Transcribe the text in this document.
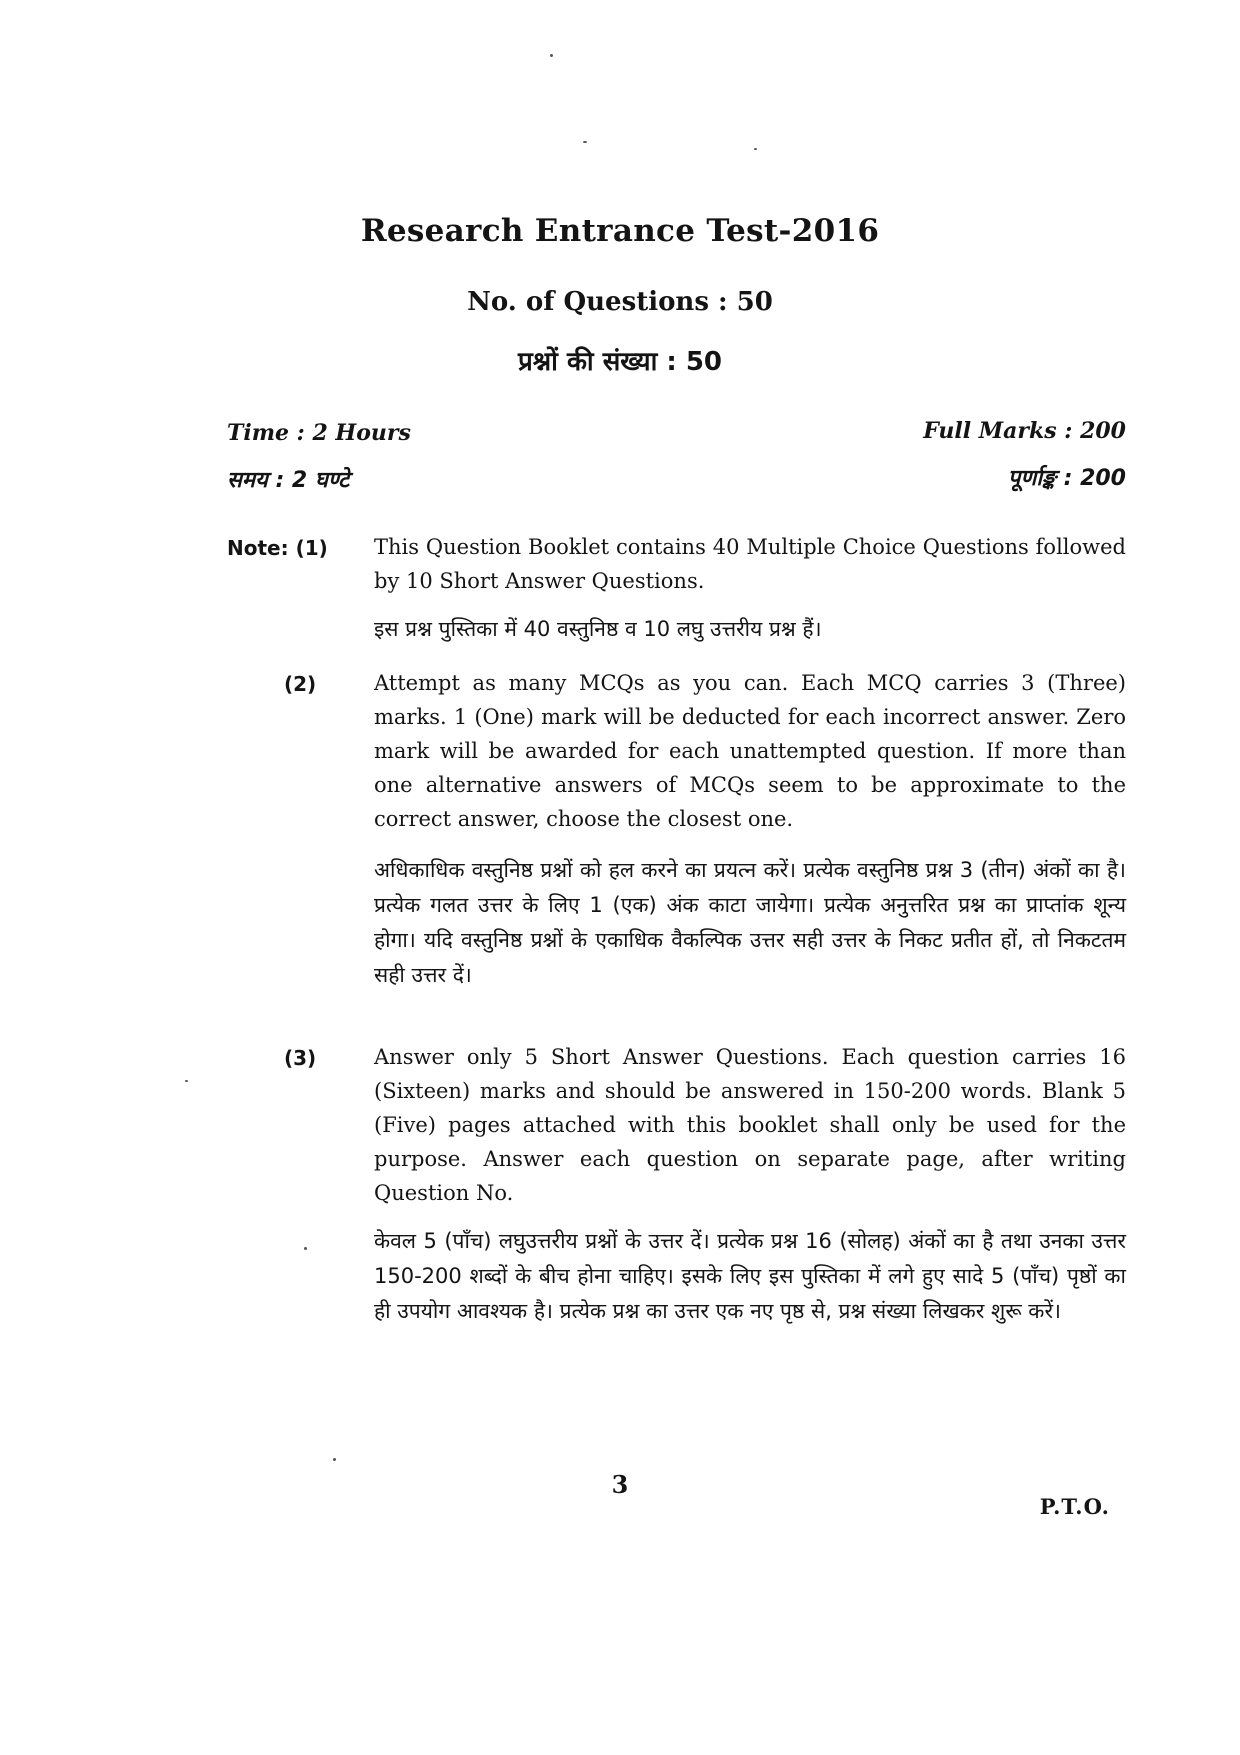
Research Entrance Test-2016
No. of Questions : 50
प्रश्नों की संख्या : 50
Time : 2 Hours
समय : 2 घण्टे
Full Marks : 200
पूर्णाङ्क : 200
Note: (1) This Question Booklet contains 40 Multiple Choice Questions followed by 10 Short Answer Questions.
इस प्रश्न पुस्तिका में 40 वस्तुनिष्ठ व 10 लघु उत्तरीय प्रश्न हैं।
(2)	Attempt as many MCQs as you can. Each MCQ carries 3 (Three) marks. 1 (One) mark will be deducted for each incorrect answer. Zero mark will be awarded for each unattempted question. If more than one alternative answers of MCQs seem to be approximate to the correct answer, choose the closest one.
अधिकाधिक वस्तुनिष्ठ प्रश्नों को हल करने का प्रयत्न करें। प्रत्येक वस्तुनिष्ठ प्रश्न 3 (तीन) अंकों का है। प्रत्येक गलत उत्तर के लिए 1 (एक) अंक काटा जायेगा। प्रत्येक अनुत्तरित प्रश्न का प्राप्तांक शून्य होगा। यदि वस्तुनिष्ठ प्रश्नों के एकाधिक वैकल्पिक उत्तर सही उत्तर के निकट प्रतीत हों, तो निकटतम सही उत्तर दें।
(3)	Answer only 5 Short Answer Questions. Each question carries 16 (Sixteen) marks and should be answered in 150-200 words. Blank 5 (Five) pages attached with this booklet shall only be used for the purpose. Answer each question on separate page, after writing Question No.
केवल 5 (पाँच) लघुउत्तरीय प्रश्नों के उत्तर दें। प्रत्येक प्रश्न 16 (सोलह) अंकों का है तथा उनका उत्तर 150-200 शब्दों के बीच होना चाहिए। इसके लिए इस पुस्तिका में लगे हुए सादे 5 (पाँच) पृष्ठों का ही उपयोग आवश्यक है। प्रत्येक प्रश्न का उत्तर एक नए पृष्ठ से, प्रश्न संख्या लिखकर शुरू करें।
3
P.T.O.
